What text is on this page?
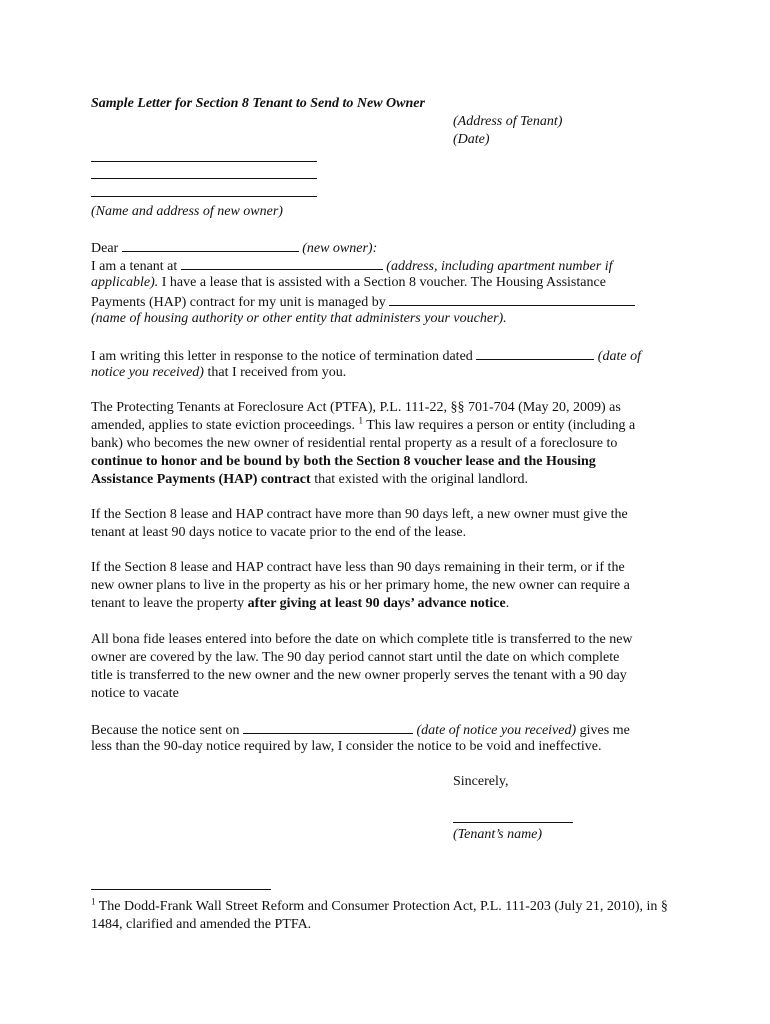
Sample Letter for Section 8 Tenant to Send to New Owner
(Address of Tenant)
(Date)
(Name and address of new owner)
Dear	(new owner):
I am a tenant at	(address, including apartment number if
applicable). I have a lease that is assisted with a Section 8 voucher. The Housing Assistance
Payments (HAP) contract for my unit is managed by
(name of housing authority or other entity that administers your voucher).
I am writing this letter in response to the notice of termination dated	(date of
notice you received) that I received from you.
The Protecting Tenants at Foreclosure Act (PTFA), P.L. 111-22, §§ 701-704 (May 20, 2009) as
amended, applies to state eviction proceedings. $^1$ This law requires a person or entity (including a
bank) who becomes the new owner of residential rental property as a result of a foreclosure to
continue to honor and be bound by both the Section 8 voucher lease and the Housing
Assistance Payments (HAP) contract that existed with the original landlord.
If the Section 8 lease and HAP contract have more than 90 days left, a new owner must give the
tenant at least 90 days notice to vacate prior to the end of the lease.
If the Section 8 lease and HAP contract have less than 90 days remaining in their term, or if the
new owner plans to live in the property as his or her primary home, the new owner can require a
tenant to leave the property after giving at least 90 days’ advance notice.
All bona fide leases entered into before the date on which complete title is transferred to the new
owner are covered by the law. The 90 day period cannot start until the date on which complete
title is transferred to the new owner and the new owner properly serves the tenant with a 90 day
notice to vacate
Because the notice sent on	(date of notice you received) gives me
less than the 90-day notice required by law, I consider the notice to be void and ineffective.
Sincerely,
(Tenant’s name)
$^1$ The Dodd-Frank Wall Street Reform and Consumer Protection Act, P.L. 111-203 (July 21, 2010), in §
1484, clarified and amended the PTFA.
